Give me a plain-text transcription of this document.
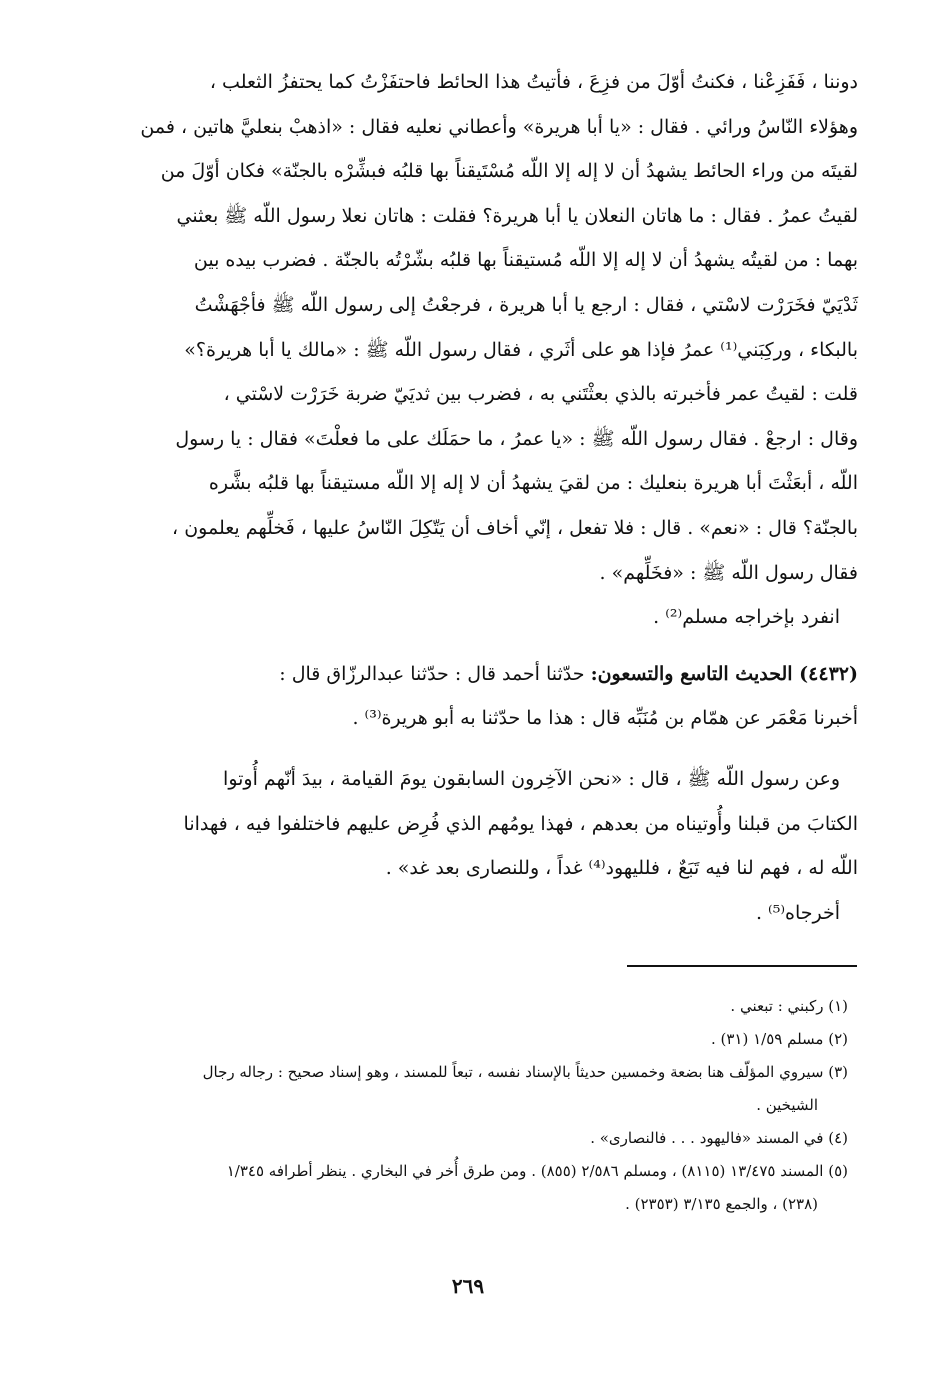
دوننا ، فَفَزِعْنا ، فكنتُ أوّلَ من فزِعَ ، فأتيتُ هذا الحائط فاحتفَزْتُ كما يحتفزُ الثعلب ،
وهؤلاء النّاسُ ورائي . فقال : «يا أبا هريرة» وأعطاني نعليه فقال : «اذهبْ بنعليَّ هاتين ، فمن
لقيتَه من وراء الحائط يشهدُ أن لا إله إلا اللّه مُسْتَيقناً بها قلبُه فبشِّرْه بالجنّة» فكان أوّلَ من
لقيتُ عمرُ . فقال : ما هاتان النعلان يا أبا هريرة؟ فقلت : هاتان نعلا رسول اللّه ﷺ بعثني
بهما : من لقيتُه يشهدُ أن لا إله إلا اللّه مُستيقناً بها قلبُه بشّرْتُه بالجنّة . فضرب بيده بين
ثَدْيَيّ فخَرَرْت لاسْتي ، فقال : ارجع يا أبا هريرة ، فرجعْتُ إلى رسول اللّه ﷺ فأجْهَشْتُ
بالبكاء ، وركِبَني⁽¹⁾ عمرُ فإذا هو على أثَري ، فقال رسول اللّه ﷺ : «مالك يا أبا هريرة؟»
قلت : لقيتُ عمر فأخبرته بالذي بعثْتَني به ، فضرب بين ثديَيّ ضربة خَرَرْت لاسْتي ،
وقال : ارجعْ . فقال رسول اللّه ﷺ : «يا عمرُ ، ما حمَلَك على ما فعلْتَ» فقال : يا رسول
اللّه ، أبعَثْتَ أبا هريرة بنعليك : من لقيَ يشهدُ أن لا إله إلا اللّه مستيقناً بها قلبُه بشَّره
بالجنّة؟ قال : «نعم» . قال : فلا تفعل ، إنّي أخاف أن يَتّكِلَ النّاسُ عليها ، فَخلِّهم يعلمون ،
فقال رسول اللّه ﷺ : «فخَلِّهم» .

انفرد بإخراجه مسلم⁽²⁾ .

(٤٤٣٢) الحديث التاسع والتسعون: حدّثنا أحمد قال : حدّثنا عبدالرزّاق قال :
أخبرنا مَعْمَر عن همّام بن مُنَبِّه قال : هذا ما حدّثنا به أبو هريرة⁽³⁾ .

وعن رسول اللّه ﷺ ، قال : «نحن الآخِرون السابقون يومَ القيامة ، بيدَ أنّهم أُوتوا
الكتابَ من قبلنا وأُوتيناه من بعدهم ، فهذا يومُهم الذي فُرِض عليهم فاختلفوا فيه ، فهدانا
اللّه له ، فهم لنا فيه تَبَعٌ ، فلليهود⁽⁴⁾ غداً ، وللنصارى بعد غد» .

أخرجاه⁽⁵⁾ .

(١) ركبني : تبعني .
(٢) مسلم ١/٥٩ (٣١) .
(٣) سيروي المؤلّف هنا بضعة وخمسين حديثاً بالإسناد نفسه ، تبعاً للمسند ، وهو إسناد صحيح : رجاله رجال
الشيخين .
(٤) في المسند «فاليهود . . . فالنصارى» .
(٥) المسند ١٣/٤٧٥ (٨١١٥) ، ومسلم ٢/٥٨٦ (٨٥٥) . ومن طرق أُخر في البخاري . ينظر أطرافه ١/٣٤٥
(٢٣٨) ، والجمع ٣/١٣٥ (٢٣٥٣) .
٢٦٩
